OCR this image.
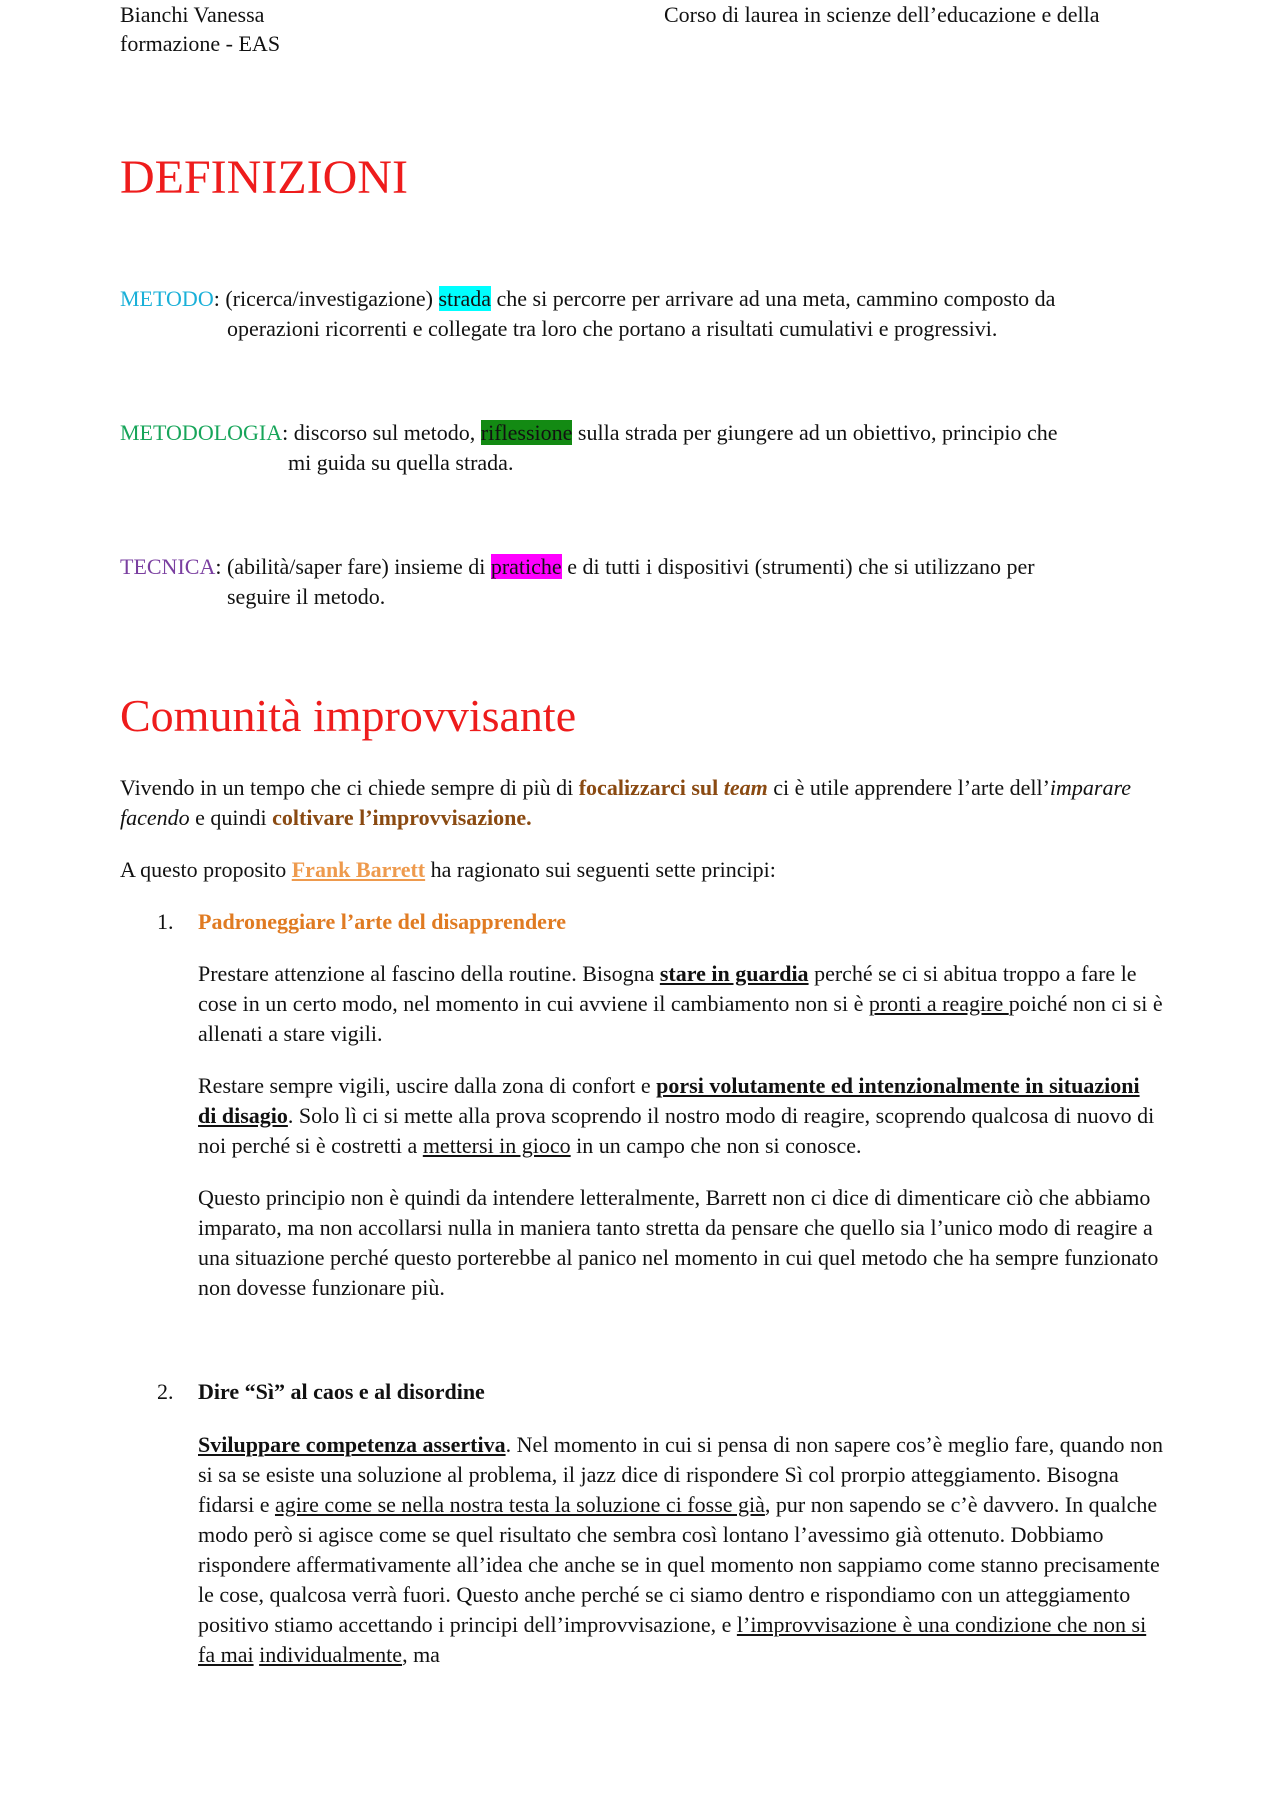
Bianchi Vanessa
formazione - EAS
Corso di laurea in scienze dell’educazione e della
DEFINIZIONI
METODO: (ricerca/investigazione) strada che si percorre per arrivare ad una meta, cammino composto da
operazioni ricorrenti e collegate tra loro che portano a risultati cumulativi e progressivi.
METODOLOGIA: discorso sul metodo, riflessione sulla strada per giungere ad un obiettivo, principio che
mi guida su quella strada.
TECNICA: (abilità/saper fare) insieme di pratiche e di tutti i dispositivi (strumenti) che si utilizzano per
seguire il metodo.
Comunità improvvisante
Vivendo in un tempo che ci chiede sempre di più di focalizzarci sul team ci è utile apprendere l’arte dell’imparare facendo e quindi coltivare l’improvvisazione.
A questo proposito Frank Barrett ha ragionato sui seguenti sette principi:
1. Padroneggiare l’arte del disapprendere
Prestare attenzione al fascino della routine. Bisogna stare in guardia perché se ci si abitua troppo a fare le cose in un certo modo, nel momento in cui avviene il cambiamento non si è pronti a reagire poiché non ci si è allenati a stare vigili.
Restare sempre vigili, uscire dalla zona di confort e porsi volutamente ed intenzionalmente in situazioni di disagio. Solo lì ci si mette alla prova scoprendo il nostro modo di reagire, scoprendo qualcosa di nuovo di noi perché si è costretti a mettersi in gioco in un campo che non si conosce.
Questo principio non è quindi da intendere letteralmente, Barrett non ci dice di dimenticare ciò che abbiamo imparato, ma non accollarsi nulla in maniera tanto stretta da pensare che quello sia l’unico modo di reagire a una situazione perché questo porterebbe al panico nel momento in cui quel metodo che ha sempre funzionato non dovesse funzionare più.
2. Dire “Sì” al caos e al disordine
Sviluppare competenza assertiva. Nel momento in cui si pensa di non sapere cos’è meglio fare, quando non si sa se esiste una soluzione al problema, il jazz dice di rispondere Sì col prorpio atteggiamento. Bisogna fidarsi e agire come se nella nostra testa la soluzione ci fosse già, pur non sapendo se c’è davvero. In qualche modo però si agisce come se quel risultato che sembra così lontano l’avessimo già ottenuto. Dobbiamo rispondere affermativamente all’idea che anche se in quel momento non sappiamo come stanno precisamente le cose, qualcosa verrà fuori. Questo anche perché se ci siamo dentro e rispondiamo con un atteggiamento positivo stiamo accettando i principi dell’improvvisazione, e l’improvvisazione è una condizione che non si fa mai individualmente, ma
